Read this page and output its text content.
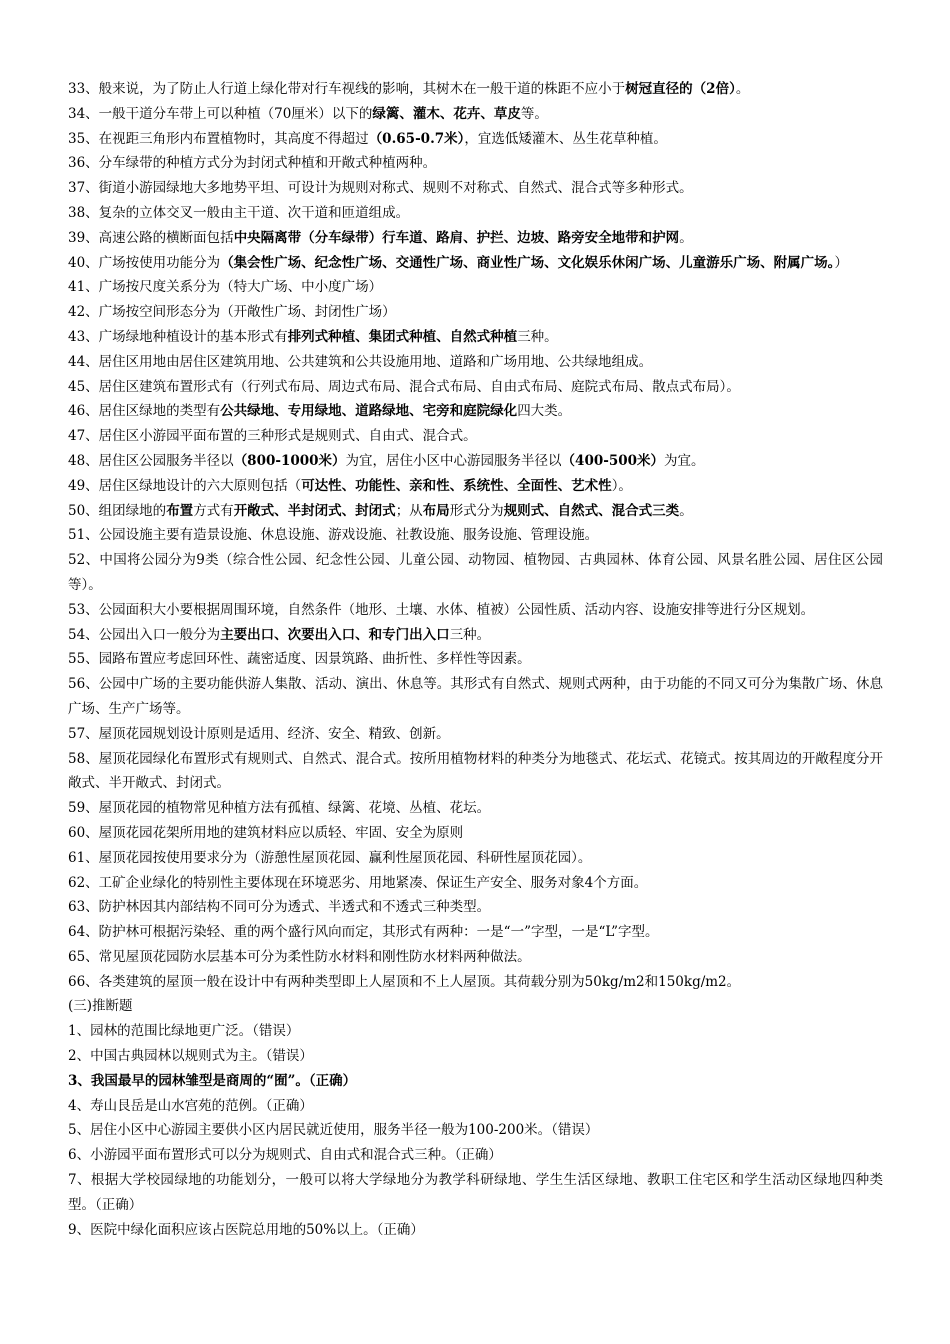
33、般来说，为了防止人行道上绿化带对行车视线的影响，其树木在一般干道的株距不应小于树冠直径的（2倍）。

34、一般干道分车带上可以种植（70厘米）以下的绿篱、灌木、花卉、草皮等。

35、在视距三角形内布置植物时，其高度不得超过（0.65-0.7米），宜选低矮灌木、丛生花草种植。

36、分车绿带的种植方式分为封闭式种植和开敞式种植两种。

37、街道小游园绿地大多地势平坦、可设计为规则对称式、规则不对称式、自然式、混合式等多种形式。

38、复杂的立体交叉一般由主干道、次干道和匝道组成。

39、高速公路的横断面包括中央隔离带（分车绿带）行车道、路肩、护拦、边坡、路旁安全地带和护网。

40、广场按使用功能分为（集会性广场、纪念性广场、交通性广场、商业性广场、文化娱乐休闲广场、儿童游乐广场、附属广场。）

41、广场按尺度关系分为（特大广场、中小度广场）

42、广场按空间形态分为（开敞性广场、封闭性广场）

43、广场绿地种植设计的基本形式有排列式种植、集团式种植、自然式种植三种。

44、居住区用地由居住区建筑用地、公共建筑和公共设施用地、道路和广场用地、公共绿地组成。

45、居住区建筑布置形式有（行列式布局、周边式布局、混合式布局、自由式布局、庭院式布局、散点式布局）。

46、居住区绿地的类型有公共绿地、专用绿地、道路绿地、宅旁和庭院绿化四大类。

47、居住区小游园平面布置的三种形式是规则式、自由式、混合式。

48、居住区公园服务半径以（800-1000米）为宜，居住小区中心游园服务半径以（400-500米）为宜。

49、居住区绿地设计的六大原则包括（可达性、功能性、亲和性、系统性、全面性、艺术性）。

50、组团绿地的布置方式有开敞式、半封闭式、封闭式；从布局形式分为规则式、自然式、混合式三类。

51、公园设施主要有造景设施、休息设施、游戏设施、社教设施、服务设施、管理设施。

52、中国将公园分为9类（综合性公园、纪念性公园、儿童公园、动物园、植物园、古典园林、体育公园、风景名胜公园、居住区公园等）。

53、公园面积大小要根据周围环境，自然条件（地形、土壤、水体、植被）公园性质、活动内容、设施安排等进行分区规划。

54、公园出入口一般分为主要出口、次要出入口、和专门出入口三种。

55、园路布置应考虑回环性、蔬密适度、因景筑路、曲折性、多样性等因素。

56、公园中广场的主要功能供游人集散、活动、演出、休息等。其形式有自然式、规则式两种，由于功能的不同又可分为集散广场、休息广场、生产广场等。

57、屋顶花园规划设计原则是适用、经济、安全、精致、创新。

58、屋顶花园绿化布置形式有规则式、自然式、混合式。按所用植物材料的种类分为地毯式、花坛式、花镜式。按其周边的开敞程度分开敞式、半开敞式、封闭式。

59、屋顶花园的植物常见种植方法有孤植、绿篱、花境、丛植、花坛。

60、屋顶花园花架所用地的建筑材料应以质轻、牢固、安全为原则

61、屋顶花园按使用要求分为（游憩性屋顶花园、赢利性屋顶花园、科研性屋顶花园）。

62、工矿企业绿化的特别性主要体现在环境恶劣、用地紧凑、保证生产安全、服务对象4个方面。

63、防护林因其内部结构不同可分为透式、半透式和不透式三种类型。

64、防护林可根据污染轻、重的两个盛行风向而定，其形式有两种：一是“一”字型，一是“L”字型。

65、常见屋顶花园防水层基本可分为柔性防水材料和刚性防水材料两种做法。

66、各类建筑的屋顶一般在设计中有两种类型即上人屋顶和不上人屋顶。其荷载分别为50kg/m2和150kg/m2。

(三)推断题

1、园林的范围比绿地更广泛。（错误）

2、中国古典园林以规则式为主。（错误）

3、我国最早的园林雏型是商周的“囿”。（正确）

4、寿山艮岳是山水宫苑的范例。（正确）

5、居住小区中心游园主要供小区内居民就近使用，服务半径一般为100-200米。（错误）

6、小游园平面布置形式可以分为规则式、自由式和混合式三种。（正确）

7、根据大学校园绿地的功能划分，一般可以将大学绿地分为教学科研绿地、学生生活区绿地、教职工住宅区和学生活动区绿地四种类型。（正确）

9、医院中绿化面积应该占医院总用地的50%以上。（正确）
